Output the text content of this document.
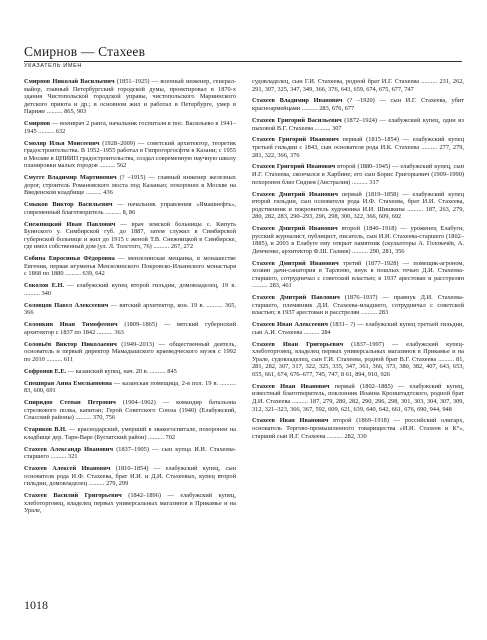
Смирнов — Стахеев
УКАЗАТЕЛЬ ИМЕН

Смирнов Николай Васильевич (1851–1925) — военный инженер, генерал-майор, главный Петербургский городской думы, проектировал в 1870-х здания Чистопольской городской управы, чистопольского Мариинского детского приюта и др.; в основном жил и работал в Петербурге, умер в Париже .......... 865, 903

Смирнов — военврач 2 ранга, начальник госпиталя в пос. Васильево в 1941–1945 .......... 632

Смоляр Илья Моисеевич (1928–2009) — советский архитектор, теоретик градостроительства. В 1952–1955 работал в Гипрогоргосфтм в Казани; с 1955 в Москве в ЦНИИП градостроительства, создал современную научную школу планировки малых городов .......... 562

Смугге Владимир Мартинович (? –1915) — главный инженер железных дорог, строитель Романовского моста под Казанью; похоронен в Москве на Введенском кладбище .......... 436

Смыков Виктор Васильевич — начальник управления «Ямашнефть», современный благотворитель .......... 8, 86

Снежницкий Иван Павлович — врач земской больницы с. Кипуть Буинского у. Симбирской губ. до 1887, затем служил в Симбирской губернской больнице и жил до 1915 с женой Т.В. Снежницкой в Симбирске, где имел собственный дом (ул. Л. Толстого, 76) .......... 267, 272

Собина Евросинья Фёдоровна — мензелинская мещанка, в монашестве Евгения, первая игуменья Мензелинского Покровско-Ильинского монастыря с 1868 по 1880 .......... 639, 642

Соколов Е.Н. — елабужский купец второй гильдии, домовладелец, 19 в. .......... 340

Соловцов Павел Алексеевич — вятский архитектор, кон. 19 в. .......... 365, 366

Солонкин Иван Тимофеевич (1809–1865) — вятский губернский архитектор с 1837 по 1842 .......... 363

Соловьёв Виктор Николаевич (1949–2013) — общественный деятель, основатель и первый директор Мамадышского краеведческого музея с 1992 по 2010 .......... 611

Софронов Е.Е. — казанский купец, нач. 20 в. .......... 845

Спешнрая Анна Емельяновна — казанская помещица, 2-я пол. 19 в. .......... 83, 600, 691

Спиридов Степан Петрович (1904–1962) — командир батальона стрелкового полка, капитан; Герой Советского Союза (1940) (Елабужский, Спасский районы) .......... 370, 756

Стариков В.Н. — краснодарский, умерший в эвакогоспитале, похоронен на кладбище дер. Тарн-Варе (Буглатский район) .......... 702

Стахеев Александр Иванович (1837–1905) — сын купца И.И. Стахеева-старшего .......... 321

Стахеев Алексей Иванович (1810–1854) — елабужский купец, сын основателя рода И.Ф. Стахеева, брат И.И. и Д.И. Стахеевых, купец второй гильдии, домовладелец .......... 279, 299

Стахеев Василий Григорьевич (1842–1896) — елабужский купец, хлеботорговец, владелец первых универсальных магазинов в Прикамье и на Урале,

судовладелец, сын Г.И. Стахеева, родной брат И.Г. Стахеева .......... 231, 262, 291, 307, 325, 347, 349, 366, 376, 643, 659, 674, 675, 677, 747

Стахеев Владимир Иванович (? –1920) — сын И.Г. Стахеева, убит красноармейцами .......... 283, 676, 677

Стахеев Григорий Васильевич (1872–1924) — елабужский купец, одни из пыховой В.Г. Стахеева .......... 307

Стахеев Григорий Иванович первый (1815–1854) — елабужский купец третьей гильдии с 1843, сын основателя рода И.К. Стахеева .......... 277, 279, 281, 322, 366, 376

Стахеев Григорий Иванович второй (1880–1945) — елабужский купец, сын И.Г. Стахеева, скончался в Харбине; его сын Борис Григорьевич (1909–1990) похоронен близ Сиднея (Австралия) .......... 317

Стахеев Дмитрий Иванович первый (1819–1858) — елабужский купец второй гильдии, сын основателя рода И.Ф. Стахеева, брат И.И. Стахеева, родственник и покровитель художника И.И. Шишкина .......... 187, 263, 279, 280, 282, 283, 290–293, 296, 298, 300, 322, 366, 609, 692

Стахеев Дмитрий Иванович второй (1840–1918) — уроженец Елабуги, русский журналист, публицист, писатель, сын И.И. Стахеева-старшего (1802–1885), в 2003 в Елабуге ему открыт памятник (скульпторы А. Головачёв, А. Демченко, архитектор Ф.Ш. Галиев) .......... 290, 281, 356

Стахеев Дмитрий Иванович третий (1877–1928) — помещик-агроном, хозяин дачи-санатория в Тарлоню, внук в пошлых течью Д.И. Стахеева-старшего, сотрудничал с советской властью; в 1937 арестован и расстрелян .......... 283, 461

Стахеев Дмитрий Павлович (1876–1937) — правнук Д.И. Стахеева-старшего, племянник Д.И. Стахеева-младшего, сотрудничал с советской властью; в 1937 арестован и расстрелян .......... 283

Стахеев Иван Алексеевич (1831– ?) — елабужский купец третьей гильдии, сын А.И. Стахеева .......... 284

Стахеев Иван Григорьевич (1837–1997) — елабужский купец-хлеботорговец, владелец первых универсальных магазинов в Прикамье и на Урале, судовладелец, сын Г.И. Стахеева, родной брат В.Г. Стахеева .......... 81, 281, 282, 307, 317, 322, 325, 335, 347, 361, 366, 373, 380, 382, 407, 643, 653, 655, 661, 674, 676–677, 745, 747, 8 61, 894, 910, 926

Стахеев Иван Иванович первый (1802–1885) — елабужский купец, известный благотворитель, поклонник Иоанна Кронштадтского, родной брат Д.И. Стахеева .......... 187, 279, 280, 282, 290, 296, 298, 301, 303, 304, 307, 309, 312, 321–323, 366, 367, 592, 609, 621, 639, 640, 642, 661, 676, 690, 944, 948

Стахеев Иван Иванович второй (1869–1918) — российский олигарх, основатель Торгово-промышленного товарищества «И.И. Стахеев и К°», старший сын И.Г. Стахеева .......... 282, 330

1018
